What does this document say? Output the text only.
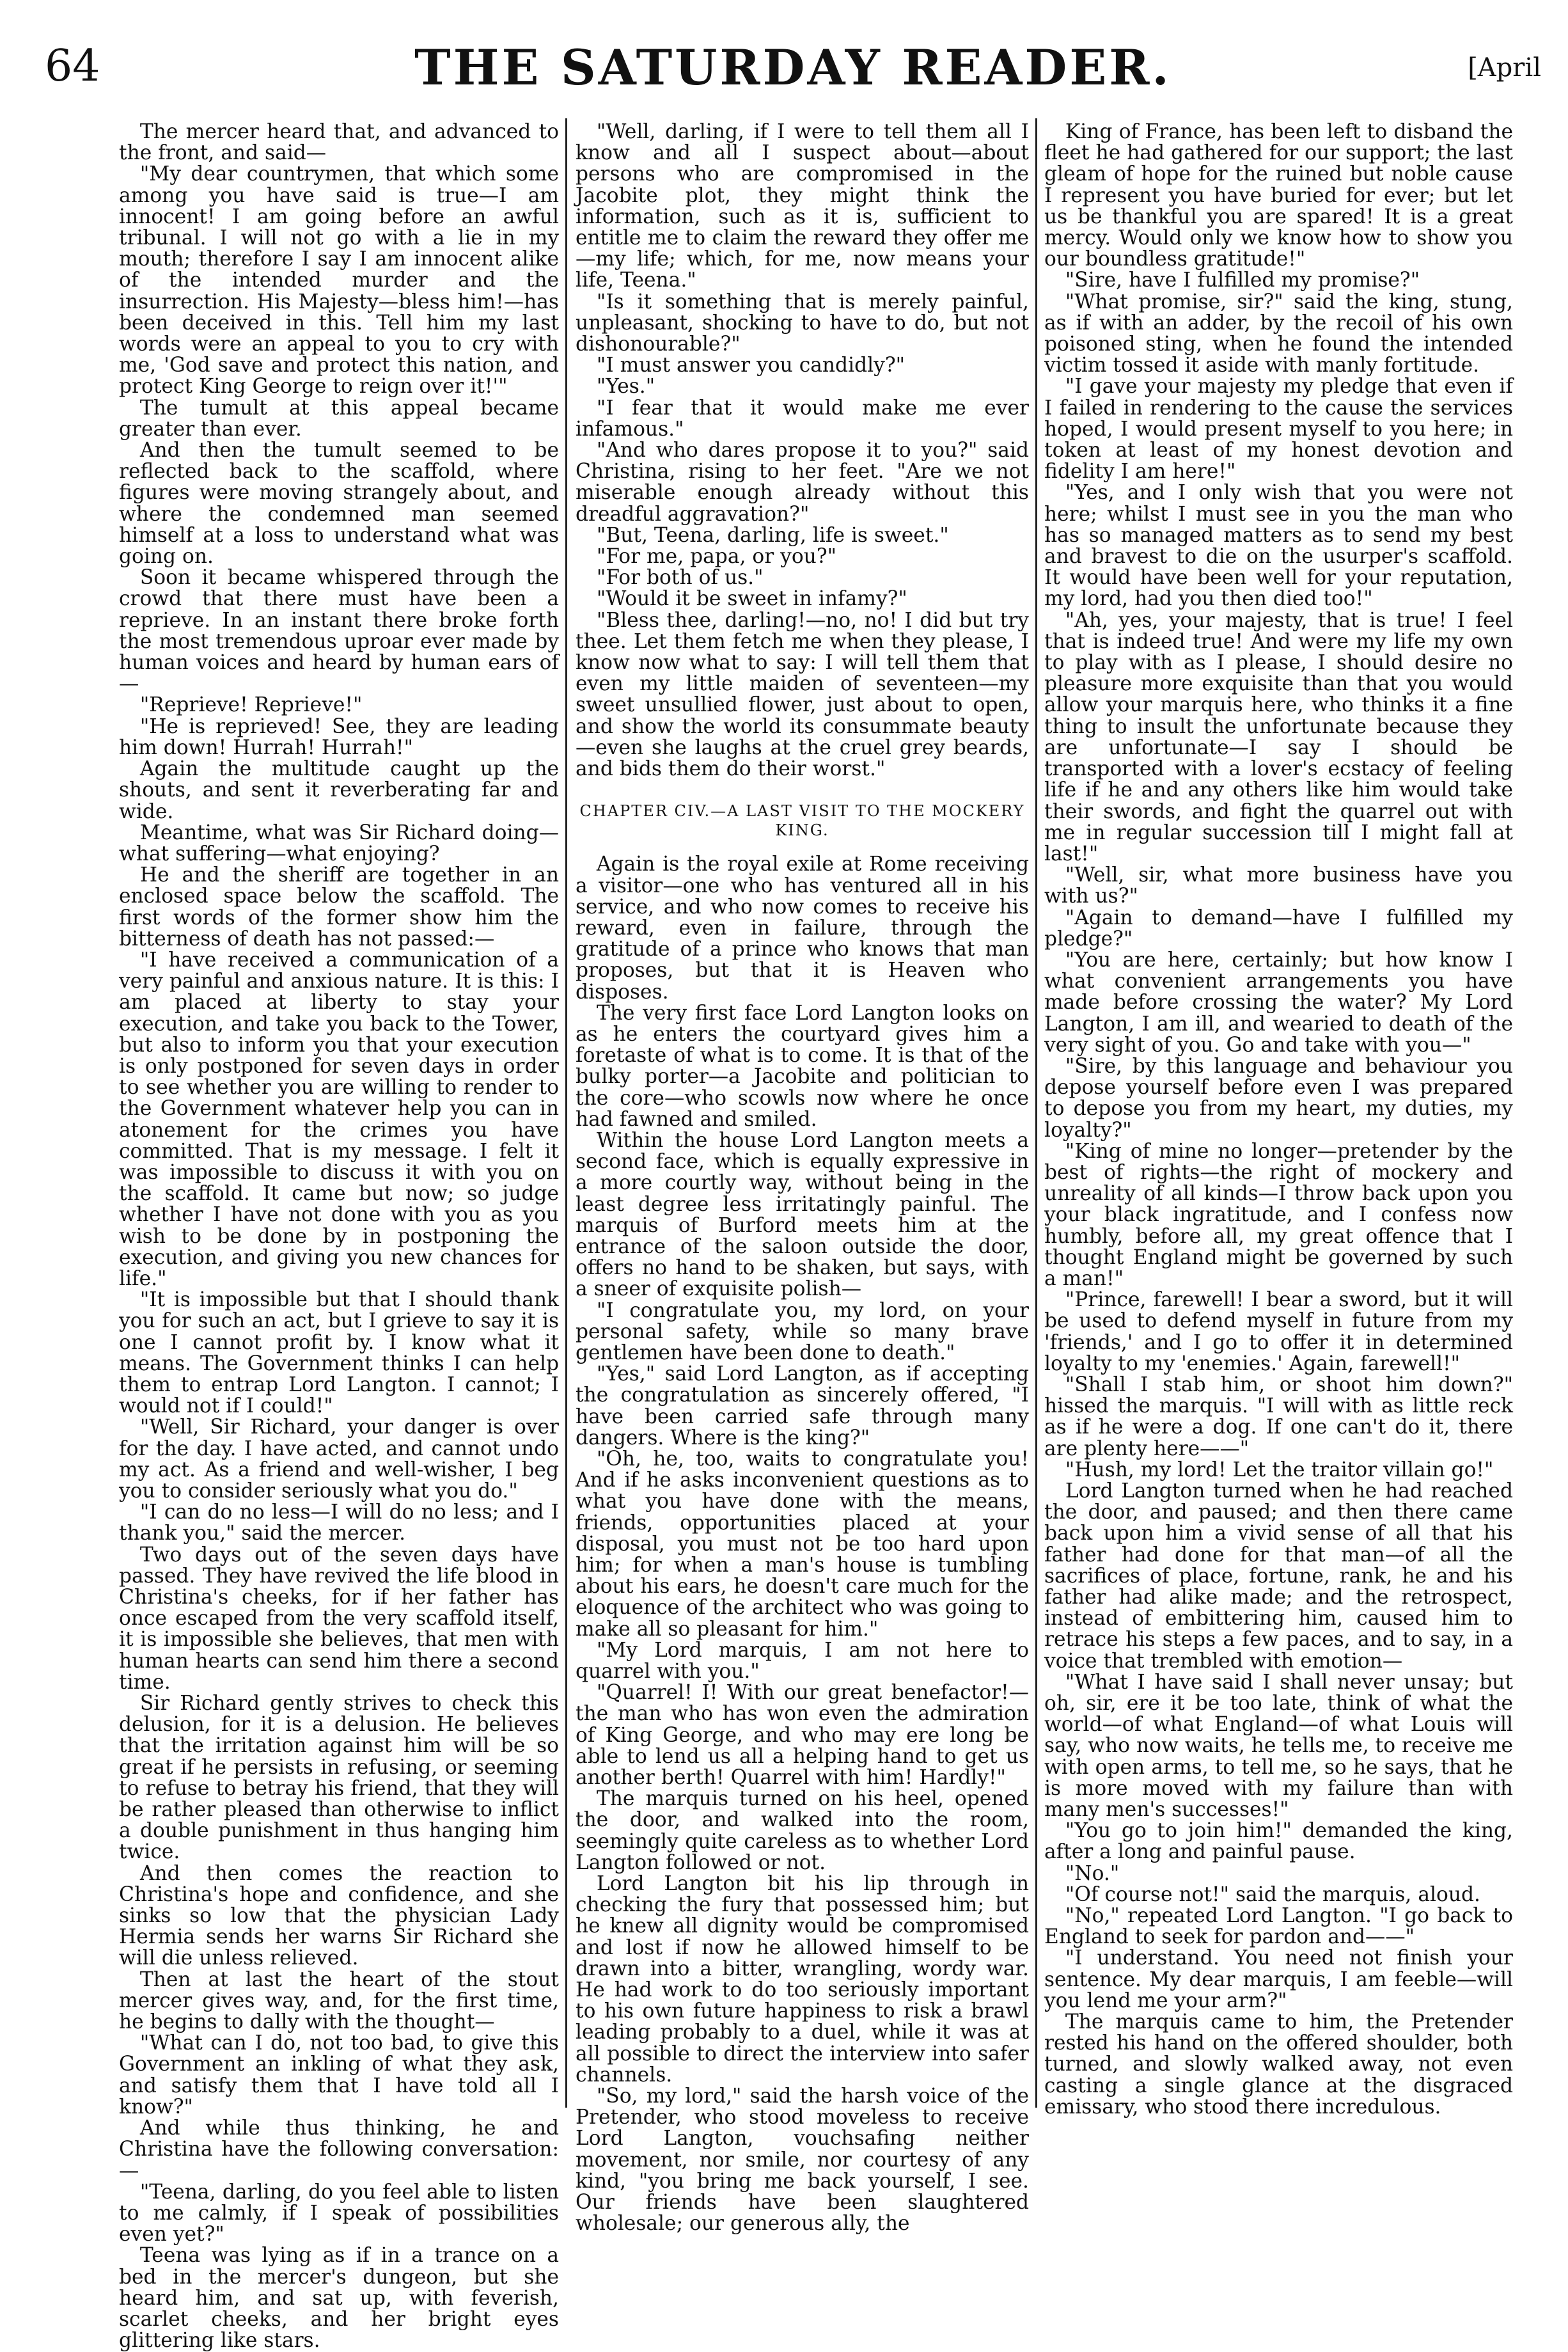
64	THE SATURDAY READER.	[April

The mercer heard that, and advanced to the front, and said—

"My dear countrymen, that which some among you have said is true—I am innocent! I am going before an awful tribunal. I will not go with a lie in my mouth; therefore I say I am innocent alike of the intended murder and the insurrection. His Majesty—bless him!—has been deceived in this. Tell him my last words were an appeal to you to cry with me, 'God save and protect this nation, and protect King George to reign over it!'"

The tumult at this appeal became greater than ever.

And then the tumult seemed to be reflected back to the scaffold, where figures were moving strangely about, and where the condemned man seemed himself at a loss to understand what was going on.

Soon it became whispered through the crowd that there must have been a reprieve. In an instant there broke forth the most tremendous uproar ever made by human voices and heard by human ears of—

"Reprieve! Reprieve!"

"He is reprieved! See, they are leading him down! Hurrah! Hurrah!"

Again the multitude caught up the shouts, and sent it reverberating far and wide.

Meantime, what was Sir Richard doing—what suffering—what enjoying?

He and the sheriff are together in an enclosed space below the scaffold. The first words of the former show him the bitterness of death has not passed:—

"I have received a communication of a very painful and anxious nature. It is this: I am placed at liberty to stay your execution, and take you back to the Tower, but also to inform you that your execution is only postponed for seven days in order to see whether you are willing to render to the Government whatever help you can in atonement for the crimes you have committed. That is my message. I felt it was impossible to discuss it with you on the scaffold. It came but now; so judge whether I have not done with you as you wish to be done by in postponing the execution, and giving you new chances for life."

"It is impossible but that I should thank you for such an act, but I grieve to say it is one I cannot profit by. I know what it means. The Government thinks I can help them to entrap Lord Langton. I cannot; I would not if I could!"

"Well, Sir Richard, your danger is over for the day. I have acted, and cannot undo my act. As a friend and well-wisher, I beg you to consider seriously what you do."

"I can do no less—I will do no less; and I thank you," said the mercer.

Two days out of the seven days have passed. They have revived the life blood in Christina's cheeks, for if her father has once escaped from the very scaffold itself, it is impossible she believes, that men with human hearts can send him there a second time.

Sir Richard gently strives to check this delusion, for it is a delusion. He believes that the irritation against him will be so great if he persists in refusing, or seeming to refuse to betray his friend, that they will be rather pleased than otherwise to inflict a double punishment in thus hanging him twice.

And then comes the reaction to Christina's hope and confidence, and she sinks so low that the physician Lady Hermia sends her warns Sir Richard she will die unless relieved.

Then at last the heart of the stout mercer gives way, and, for the first time, he begins to dally with the thought—

"What can I do, not too bad, to give this Government an inkling of what they ask, and satisfy them that I have told all I know?"

And while thus thinking, he and Christina have the following conversation:—

"Teena, darling, do you feel able to listen to me calmly, if I speak of possibilities even yet?"

Teena was lying as if in a trance on a bed in the mercer's dungeon, but she heard him, and sat up, with feverish, scarlet cheeks, and her bright eyes glittering like stars.

"Well, darling, if I were to tell them all I know and all I suspect about—about persons who are compromised in the Jacobite plot, they might think the information, such as it is, sufficient to entitle me to claim the reward they offer me—my life; which, for me, now means your life, Teena."

"Is it something that is merely painful, unpleasant, shocking to have to do, but not dishonourable?"

"I must answer you candidly?"

"Yes."

"I fear that it would make me ever infamous."

"And who dares propose it to you?" said Christina, rising to her feet. "Are we not miserable enough already without this dreadful aggravation?"

"But, Teena, darling, life is sweet."

"For me, papa, or you?"

"For both of us."

"Would it be sweet in infamy?"

"Bless thee, darling!—no, no! I did but try thee. Let them fetch me when they please, I know now what to say: I will tell them that even my little maiden of seventeen—my sweet unsullied flower, just about to open, and show the world its consummate beauty—even she laughs at the cruel grey beards, and bids them do their worst."

CHAPTER CIV.—A LAST VISIT TO THE MOCKERY KING.

Again is the royal exile at Rome receiving a visitor—one who has ventured all in his service, and who now comes to receive his reward, even in failure, through the gratitude of a prince who knows that man proposes, but that it is Heaven who disposes.

The very first face Lord Langton looks on as he enters the courtyard gives him a foretaste of what is to come. It is that of the bulky porter—a Jacobite and politician to the core—who scowls now where he once had fawned and smiled.

Within the house Lord Langton meets a second face, which is equally expressive in a more courtly way, without being in the least degree less irritatingly painful. The marquis of Burford meets him at the entrance of the saloon outside the door, offers no hand to be shaken, but says, with a sneer of exquisite polish—

"I congratulate you, my lord, on your personal safety, while so many brave gentlemen have been done to death."

"Yes," said Lord Langton, as if accepting the congratulation as sincerely offered, "I have been carried safe through many dangers. Where is the king?"

"Oh, he, too, waits to congratulate you! And if he asks inconvenient questions as to what you have done with the means, friends, opportunities placed at your disposal, you must not be too hard upon him; for when a man's house is tumbling about his ears, he doesn't care much for the eloquence of the architect who was going to make all so pleasant for him."

"My Lord marquis, I am not here to quarrel with you."

"Quarrel! I! With our great benefactor!—the man who has won even the admiration of King George, and who may ere long be able to lend us all a helping hand to get us another berth! Quarrel with him! Hardly!"

The marquis turned on his heel, opened the door, and walked into the room, seemingly quite careless as to whether Lord Langton followed or not.

Lord Langton bit his lip through in checking the fury that possessed him; but he knew all dignity would be compromised and lost if now he allowed himself to be drawn into a bitter, wrangling, wordy war. He had work to do too seriously important to his own future happiness to risk a brawl leading probably to a duel, while it was at all possible to direct the interview into safer channels.

"So, my lord," said the harsh voice of the Pretender, who stood moveless to receive Lord Langton, vouchsafing neither movement, nor smile, nor courtesy of any kind, "you bring me back yourself, I see. Our friends have been slaughtered wholesale; our generous ally, the

King of France, has been left to disband the fleet he had gathered for our support; the last gleam of hope for the ruined but noble cause I represent you have buried for ever; but let us be thankful you are spared! It is a great mercy. Would only we know how to show you our boundless gratitude!"

"Sire, have I fulfilled my promise?"

"What promise, sir?" said the king, stung, as if with an adder, by the recoil of his own poisoned sting, when he found the intended victim tossed it aside with manly fortitude.

"I gave your majesty my pledge that even if I failed in rendering to the cause the services hoped, I would present myself to you here; in token at least of my honest devotion and fidelity I am here!"

"Yes, and I only wish that you were not here; whilst I must see in you the man who has so managed matters as to send my best and bravest to die on the usurper's scaffold. It would have been well for your reputation, my lord, had you then died too!"

"Ah, yes, your majesty, that is true! I feel that is indeed true! And were my life my own to play with as I please, I should desire no pleasure more exquisite than that you would allow your marquis here, who thinks it a fine thing to insult the unfortunate because they are unfortunate—I say I should be transported with a lover's ecstacy of feeling life if he and any others like him would take their swords, and fight the quarrel out with me in regular succession till I might fall at last!"

"Well, sir, what more business have you with us?"

"Again to demand—have I fulfilled my pledge?"

"You are here, certainly; but how know I what convenient arrangements you have made before crossing the water? My Lord Langton, I am ill, and wearied to death of the very sight of you. Go and take with you—"

"Sire, by this language and behaviour you depose yourself before even I was prepared to depose you from my heart, my duties, my loyalty?"

"King of mine no longer—pretender by the best of rights—the right of mockery and unreality of all kinds—I throw back upon you your black ingratitude, and I confess now humbly, before all, my great offence that I thought England might be governed by such a man!"

"Prince, farewell! I bear a sword, but it will be used to defend myself in future from my 'friends,' and I go to offer it in determined loyalty to my 'enemies.' Again, farewell!"

"Shall I stab him, or shoot him down?" hissed the marquis. "I will with as little reck as if he were a dog. If one can't do it, there are plenty here——"

"Hush, my lord! Let the traitor villain go!"

Lord Langton turned when he had reached the door, and paused; and then there came back upon him a vivid sense of all that his father had done for that man—of all the sacrifices of place, fortune, rank, he and his father had alike made; and the retrospect, instead of embittering him, caused him to retrace his steps a few paces, and to say, in a voice that trembled with emotion—

"What I have said I shall never unsay; but oh, sir, ere it be too late, think of what the world—of what England—of what Louis will say, who now waits, he tells me, to receive me with open arms, to tell me, so he says, that he is more moved with my failure than with many men's successes!"

"You go to join him!" demanded the king, after a long and painful pause.

"No."

"Of course not!" said the marquis, aloud.

"No," repeated Lord Langton. "I go back to England to seek for pardon and——"

"I understand. You need not finish your sentence. My dear marquis, I am feeble—will you lend me your arm?"

The marquis came to him, the Pretender rested his hand on the offered shoulder, both turned, and slowly walked away, not even casting a single glance at the disgraced emissary, who stood there incredulous.
